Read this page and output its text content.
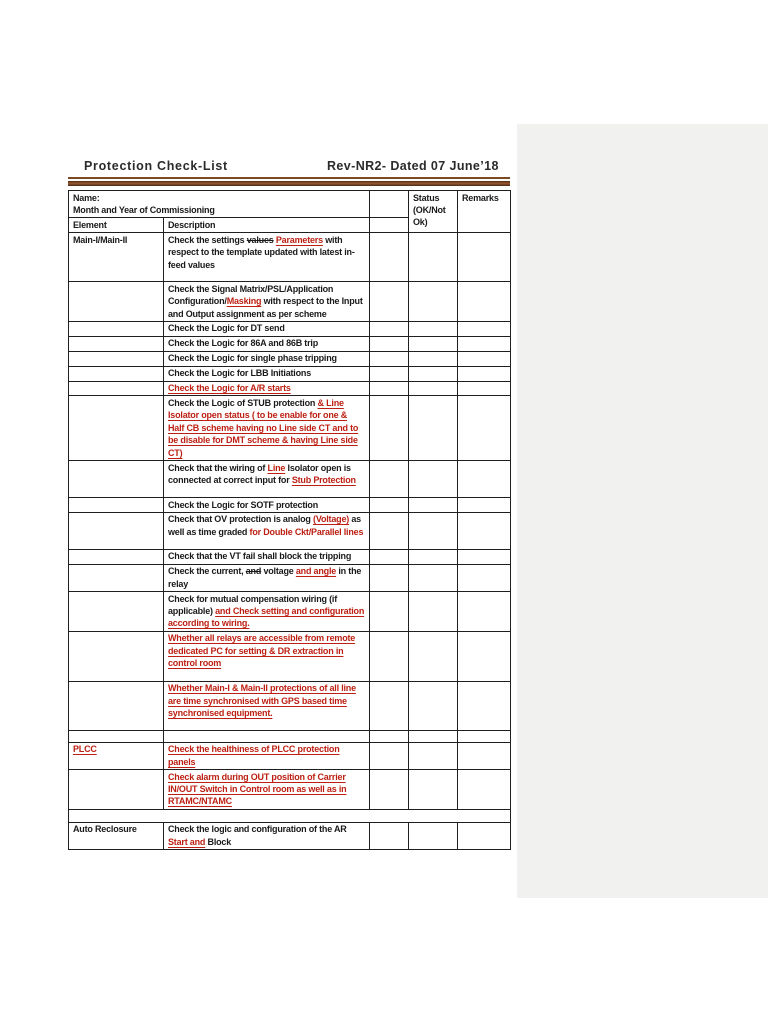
Protection Check-List	Rev-NR2- Dated 07 June’18
Name:
Month and Year of Commissioning			Status (OK/Not Ok)	Remarks
Element	Description			
Main-I/Main-II	Check the settings values Parameters with respect to the template updated with latest in-feed values			
	Check the Signal Matrix/PSL/Application Configuration/Masking with respect to the Input and Output assignment as per scheme			
	Check the Logic for DT send			
	Check the Logic for 86A and 86B trip			
	Check the Logic for single phase tripping			
	Check the Logic for LBB Initiations			
	Check the Logic for A/R starts			
	Check the Logic of STUB protection & Line Isolator open status ( to be enable for one & Half CB scheme having no Line side CT and to be disable for DMT scheme & having Line side CT)			
	Check that the wiring of Line Isolator open is connected at correct input for Stub Protection			
	Check the Logic for SOTF protection			
	Check that OV protection is analog (Voltage) as well as time graded for Double Ckt/Parallel lines			
	Check that the VT fail shall block the tripping			
	Check the current, and voltage and angle in the relay			
	Check for mutual compensation wiring (if applicable) and Check setting and configuration according to wiring.			
	Whether all relays are accessible from remote dedicated PC for setting & DR extraction in control room			
	Whether Main-I & Main-II protections of all line are time synchronised with GPS based time synchronised equipment.			

PLCC	Check the healthiness of PLCC protection panels			
	Check alarm during OUT position of Carrier IN/OUT Switch in Control room as well as in RTAMC/NTAMC			

Auto Reclosure	Check the logic and configuration of the AR Start and Block			
